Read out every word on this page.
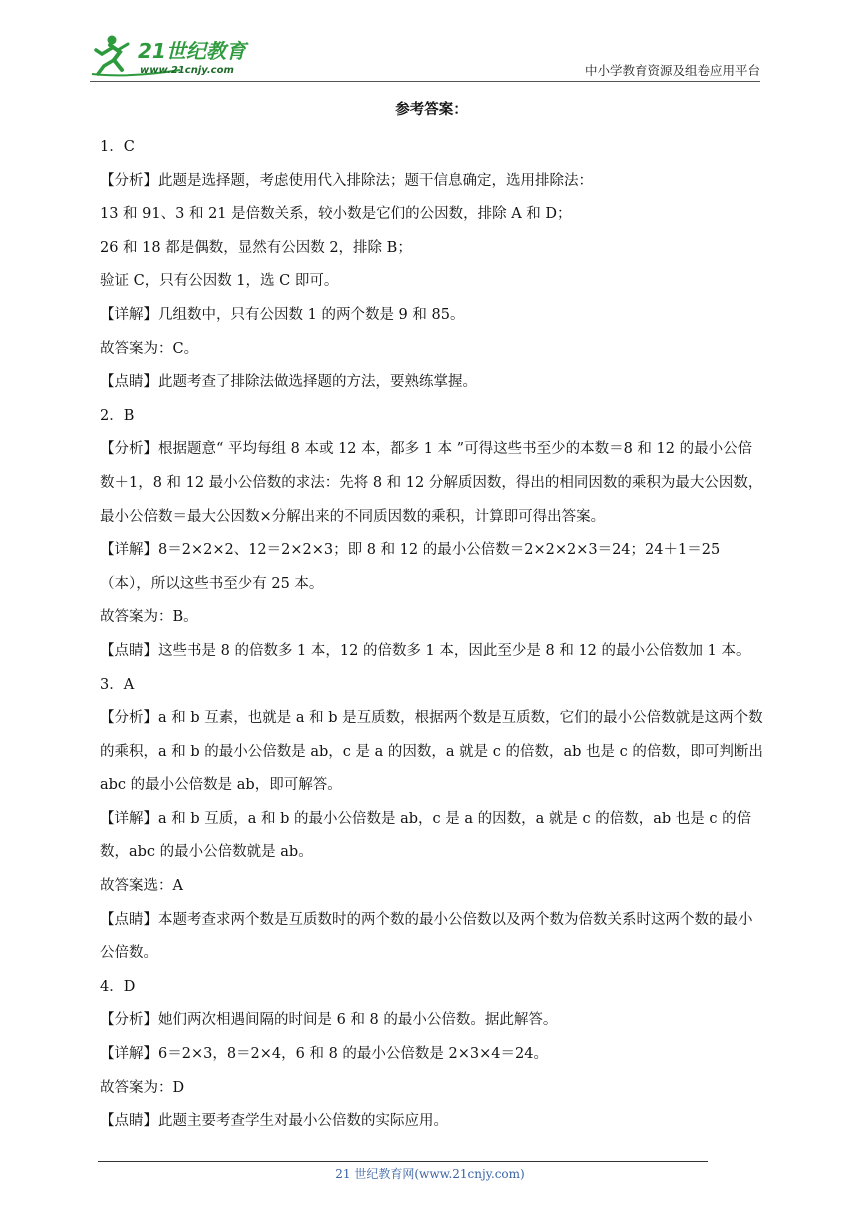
21世纪教育
www.21cnjy.com	中小学教育资源及组卷应用平台

参考答案：

1．C

【分析】此题是选择题，考虑使用代入排除法；题干信息确定，选用排除法：

13 和 91、3 和 21 是倍数关系，较小数是它们的公因数，排除 A 和 D；

26 和 18 都是偶数，显然有公因数 2，排除 B；

验证 C，只有公因数 1，选 C 即可。

【详解】几组数中，只有公因数 1 的两个数是 9 和 85。

故答案为：C。

【点睛】此题考查了排除法做选择题的方法，要熟练掌握。

2．B

【分析】根据题意“ 平均每组 8 本或 12 本，都多 1 本 ”可得这些书至少的本数＝8 和 12 的最小公倍数＋1，8 和 12 最小公倍数的求法：先将 8 和 12 分解质因数，得出的相同因数的乘积为最大公因数，最小公倍数＝最大公因数×分解出来的不同质因数的乘积，计算即可得出答案。

【详解】8＝2×2×2、12＝2×2×3；即 8 和 12 的最小公倍数＝2×2×2×3＝24；24＋1＝25（本），所以这些书至少有 25 本。

故答案为：B。

【点睛】这些书是 8 的倍数多 1 本，12 的倍数多 1 本，因此至少是 8 和 12 的最小公倍数加 1 本。

3．A

【分析】a 和 b 互素，也就是 a 和 b 是互质数，根据两个数是互质数，它们的最小公倍数就是这两个数的乘积，a 和 b 的最小公倍数是 ab，c 是 a 的因数，a 就是 c 的倍数，ab 也是 c 的倍数，即可判断出 abc 的最小公倍数是 ab，即可解答。

【详解】a 和 b 互质，a 和 b 的最小公倍数是 ab，c 是 a 的因数，a 就是 c 的倍数，ab 也是 c 的倍数，abc 的最小公倍数就是 ab。

故答案选：A

【点睛】本题考查求两个数是互质数时的两个数的最小公倍数以及两个数为倍数关系时这两个数的最小公倍数。

4．D

【分析】她们两次相遇间隔的时间是 6 和 8 的最小公倍数。据此解答。

【详解】6＝2×3，8＝2×4，6 和 8 的最小公倍数是 2×3×4＝24。

故答案为：D

【点睛】此题主要考查学生对最小公倍数的实际应用。

21 世纪教育网(www.21cnjy.com)
